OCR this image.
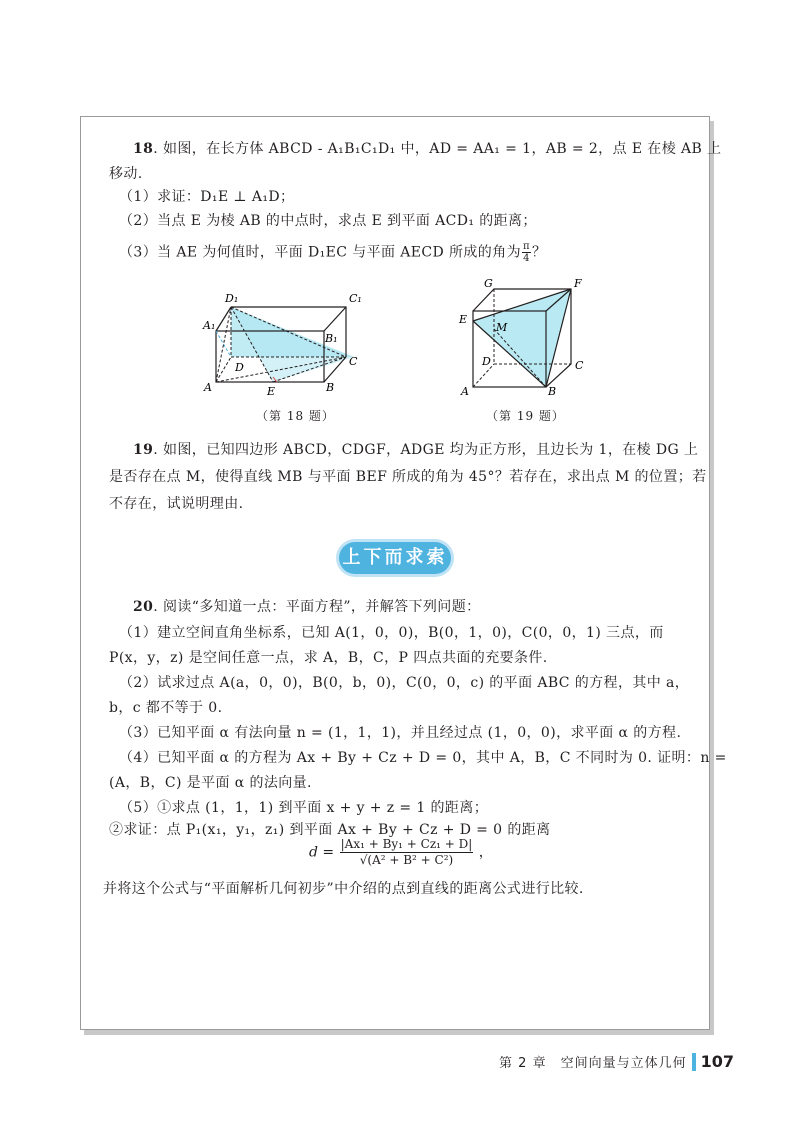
18. 如图，在长方体 ABCD - A₁B₁C₁D₁ 中，AD = AA₁ = 1，AB = 2，点 E 在棱 AB 上
移动.
（1）求证：D₁E ⊥ A₁D；
（2）当点 E 为棱 AB 的中点时，求点 E 到平面 ACD₁ 的距离；
（3）当 AE 为何值时，平面 D₁EC 与平面 AECD 所成的角为 $\frac{\pi}{4}$ ？
D₁	C₁
A₁
B₁
D	C
A	E	B
（第 18 题）
G	F
E
M
D	C
A	B
（第 19 题）
19. 如图，已知四边形 ABCD，CDGF，ADGE 均为正方形，且边长为 1，在棱 DG 上
是否存在点 M，使得直线 MB 与平面 BEF 所成的角为 45°？若存在，求出点 M 的位置；若
不存在，试说明理由.
上下而求索
20. 阅读“多知道一点：平面方程”，并解答下列问题：
（1）建立空间直角坐标系，已知 A(1，0，0)，B(0，1，0)，C(0，0，1) 三点，而
P(x，y，z) 是空间任意一点，求 A，B，C，P 四点共面的充要条件.
（2）试求过点 A(a，0，0)，B(0，b，0)，C(0，0，c) 的平面 ABC 的方程，其中 a，
b，c 都不等于 0.
（3）已知平面 α 有法向量 n = (1，1，1)，并且经过点 (1，0，0)，求平面 α 的方程.
（4）已知平面 α 的方程为 Ax + By + Cz + D = 0，其中 A，B，C 不同时为 0. 证明：n =
(A，B，C) 是平面 α 的法向量.
（5）①求点 (1，1，1) 到平面 x + y + z = 1 的距离；
②求证：点 P₁(x₁，y₁，z₁) 到平面 Ax + By + Cz + D = 0 的距离
$d = \frac{\text{|Ax₁ + By₁ + Cz₁ + D|}}{\text{√(A² + B² + C²)}}$ ，
并将这个公式与“平面解析几何初步”中介绍的点到直线的距离公式进行比较.
第 2 章　空间向量与立体几何 107
